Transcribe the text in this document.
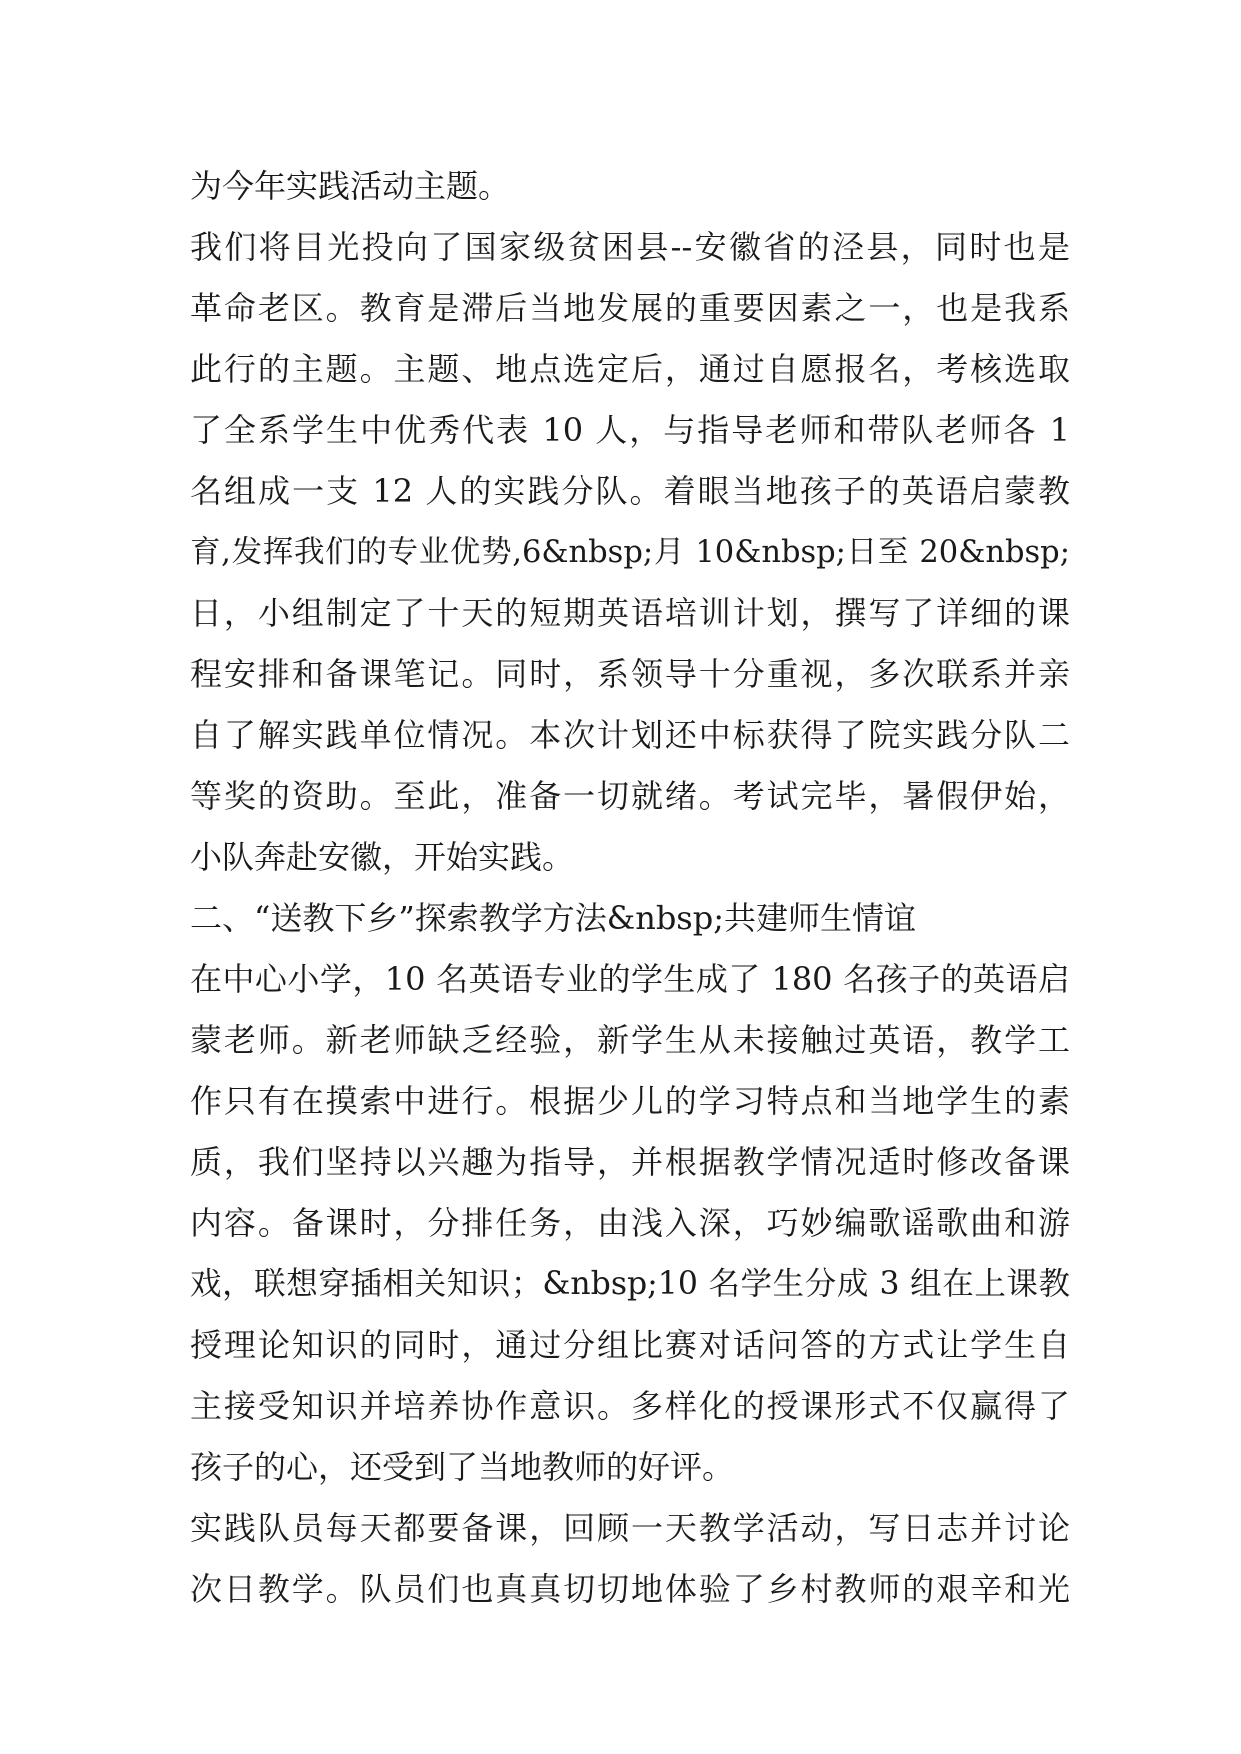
为今年实践活动主题。
我们将目光投向了国家级贫困县--安徽省的泾县，同时也是
革命老区。教育是滞后当地发展的重要因素之一，也是我系
此行的主题。主题、地点选定后，通过自愿报名，考核选取
了全系学生中优秀代表 10 人，与指导老师和带队老师各 1
名组成一支 12 人的实践分队。着眼当地孩子的英语启蒙教
育,发挥我们的专业优势,6&nbsp;月 10&nbsp;日至 20&nbsp;
日，小组制定了十天的短期英语培训计划，撰写了详细的课
程安排和备课笔记。同时，系领导十分重视，多次联系并亲
自了解实践单位情况。本次计划还中标获得了院实践分队二
等奖的资助。至此，准备一切就绪。考试完毕，暑假伊始，
小队奔赴安徽，开始实践。
二、“送教下乡”探索教学方法&nbsp;共建师生情谊
在中心小学，10 名英语专业的学生成了 180 名孩子的英语启
蒙老师。新老师缺乏经验，新学生从未接触过英语，教学工
作只有在摸索中进行。根据少儿的学习特点和当地学生的素
质，我们坚持以兴趣为指导，并根据教学情况适时修改备课
内容。备课时，分排任务，由浅入深，巧妙编歌谣歌曲和游
戏，联想穿插相关知识；&nbsp;10 名学生分成 3 组在上课教
授理论知识的同时，通过分组比赛对话问答的方式让学生自
主接受知识并培养协作意识。多样化的授课形式不仅赢得了
孩子的心，还受到了当地教师的好评。
实践队员每天都要备课，回顾一天教学活动，写日志并讨论
次日教学。队员们也真真切切地体验了乡村教师的艰辛和光
